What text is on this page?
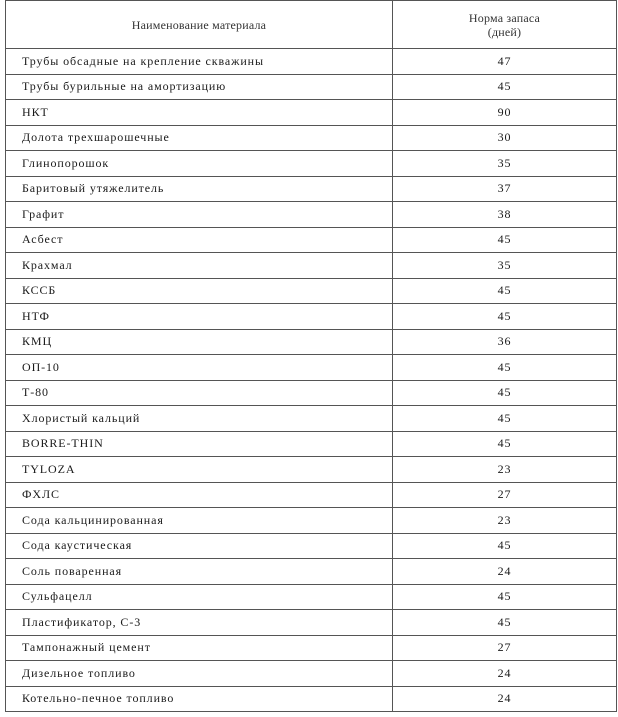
Наименование материала	Норма запаса
(дней)

Трубы обсадные на крепление скважины	47
Трубы бурильные на амортизацию	45
НКТ	90
Долота трехшарошечные	30
Глинопорошок	35
Баритовый утяжелитель	37
Графит	38
Асбест	45
Крахмал	35
КССБ	45
НТФ	45
КМЦ	36
ОП-10	45
Т-80	45
Хлористый кальций	45
BORRE-THIN	45
TYLOZA	23
ФХЛС	27
Сода кальцинированная	23
Сода каустическая	45
Соль поваренная	24
Сульфацелл	45
Пластификатор, С-3	45
Тампонажный цемент	27
Дизельное топливо	24
Котельно-печное топливо	24
